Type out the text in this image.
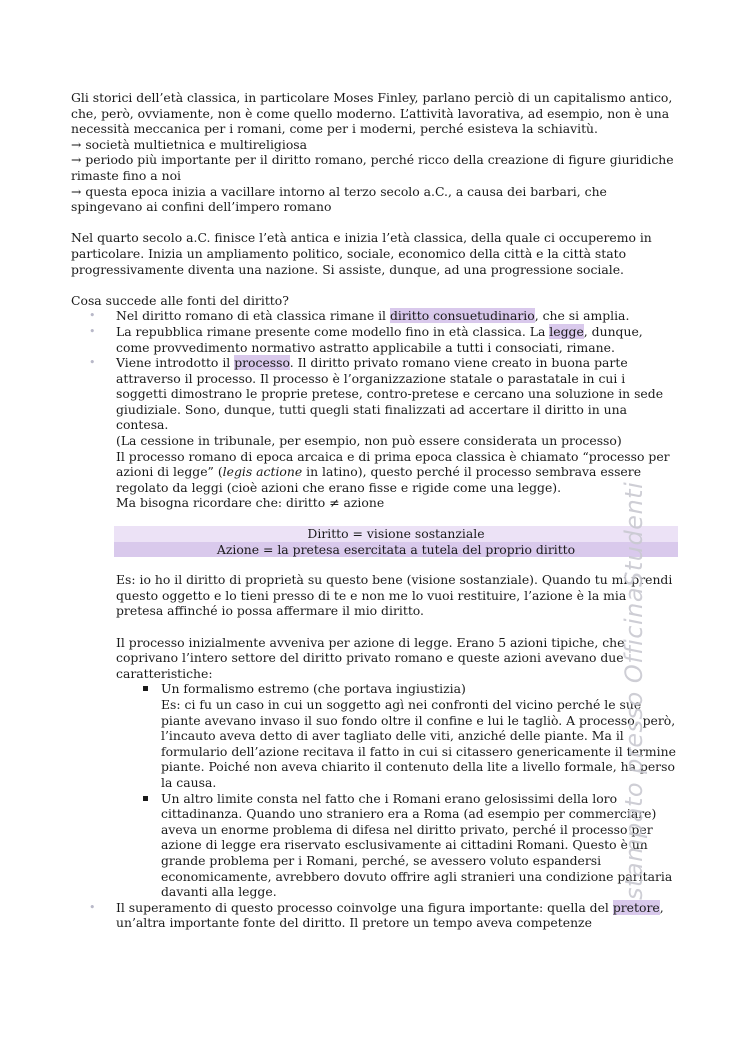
Gli storici dell’età classica, in particolare Moses Finley, parlano perciò di un capitalismo antico, che, però, ovviamente, non è come quello moderno. L’attività lavorativa, ad esempio, non è una necessità meccanica per i romani, come per i moderni, perché esisteva la schiavitù.

→ società multietnica e multireligiosa

→ periodo più importante per il diritto romano, perché ricco della creazione di figure giuridiche rimaste fino a noi

→ questa epoca inizia a vacillare intorno al terzo secolo a.C., a causa dei barbari, che spingevano ai confini dell’impero romano

Nel quarto secolo a.C. finisce l’età antica e inizia l’età classica, della quale ci occuperemo in particolare. Inizia un ampliamento politico, sociale, economico della città e la città stato progressivamente diventa una nazione. Si assiste, dunque, ad una progressione sociale.

Cosa succede alle fonti del diritto?

• Nel diritto romano di età classica rimane il diritto consuetudinario, che si amplia.
• La repubblica rimane presente come modello fino in età classica. La legge, dunque, come provvedimento normativo astratto applicabile a tutti i consociati, rimane.
• Viene introdotto il processo. Il diritto privato romano viene creato in buona parte attraverso il processo. Il processo è l’organizzazione statale o parastatale in cui i soggetti dimostrano le proprie pretese, contro-pretese e cercano una soluzione in sede giudiziale. Sono, dunque, tutti quegli stati finalizzati ad accertare il diritto in una contesa.

(La cessione in tribunale, per esempio, non può essere considerata un processo)

Il processo romano di epoca arcaica e di prima epoca classica è chiamato “processo per azioni di legge” (legis actione in latino), questo perché il processo sembrava essere regolato da leggi (cioè azioni che erano fisse e rigide come una legge).

Ma bisogna ricordare che: diritto ≠ azione

Diritto = visione sostanziale
Azione = la pretesa esercitata a tutela del proprio diritto

Es: io ho il diritto di proprietà su questo bene (visione sostanziale). Quando tu mi prendi questo oggetto e lo tieni presso di te e non me lo vuoi restituire, l’azione è la mia pretesa affinché io possa affermare il mio diritto.

Il processo inizialmente avveniva per azione di legge. Erano 5 azioni tipiche, che coprivano l’intero settore del diritto privato romano e queste azioni avevano due caratteristiche:

Un formalismo estremo (che portava ingiustizia)

Es: ci fu un caso in cui un soggetto agì nei confronti del vicino perché le sue piante avevano invaso il suo fondo oltre il confine e lui le tagliò. A processo, però, l’incauto aveva detto di aver tagliato delle viti, anziché delle piante. Ma il formulario dell’azione recitava il fatto in cui si citassero genericamente il termine piante. Poiché non aveva chiarito il contenuto della lite a livello formale, ha perso la causa.

Un altro limite consta nel fatto che i Romani erano gelosissimi della loro cittadinanza. Quando uno straniero era a Roma (ad esempio per commerciare) aveva un enorme problema di difesa nel diritto privato, perché il processo per azione di legge era riservato esclusivamente ai cittadini Romani. Questo è un grande problema per i Romani, perché, se avessero voluto espandersi economicamente, avrebbero dovuto offrire agli stranieri una condizione paritaria davanti alla legge.

• Il superamento di questo processo coinvolge una figura importante: quella del pretore, un’altra importante fonte del diritto. Il pretore un tempo aveva competenze
stampato presso OfficinaStudenti
